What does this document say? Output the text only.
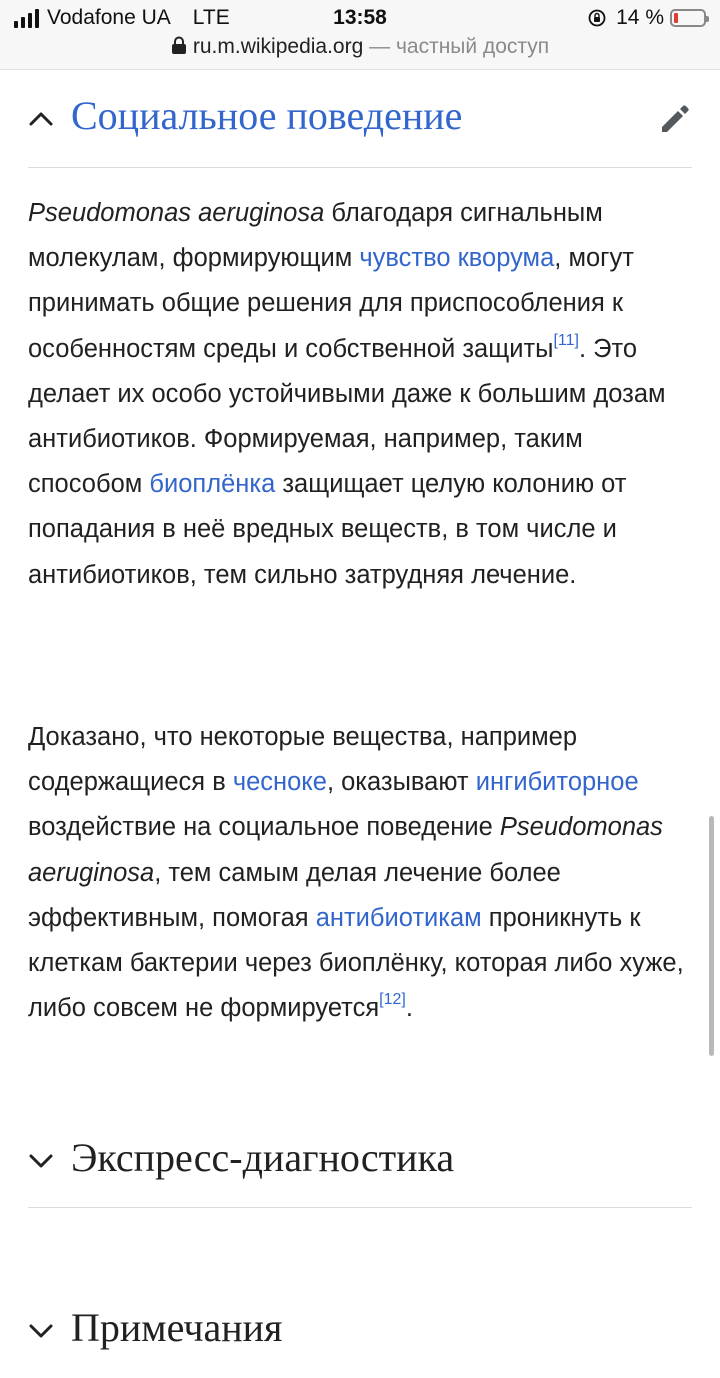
Vodafone UA LTE	13:58	14 %
ru.m.wikipedia.org — частный доступ
Социальное поведение

Pseudomonas aeruginosa благодаря сигнальным молекулам, формирующим чувство кворума, могут принимать общие решения для приспособления к особенностям среды и собственной защиты[11]. Это делает их особо устойчивыми даже к большим дозам антибиотиков. Формируемая, например, таким способом биоплёнка защищает целую колонию от попадания в неё вредных веществ, в том числе и антибиотиков, тем сильно затрудняя лечение.

Доказано, что некоторые вещества, например содержащиеся в чесноке, оказывают ингибиторное воздействие на социальное поведение Pseudomonas aeruginosa, тем самым делая лечение более эффективным, помогая антибиотикам проникнуть к клеткам бактерии через биоплёнку, которая либо хуже, либо совсем не формируется[12].

Экспресс-диагностика
Примечания
